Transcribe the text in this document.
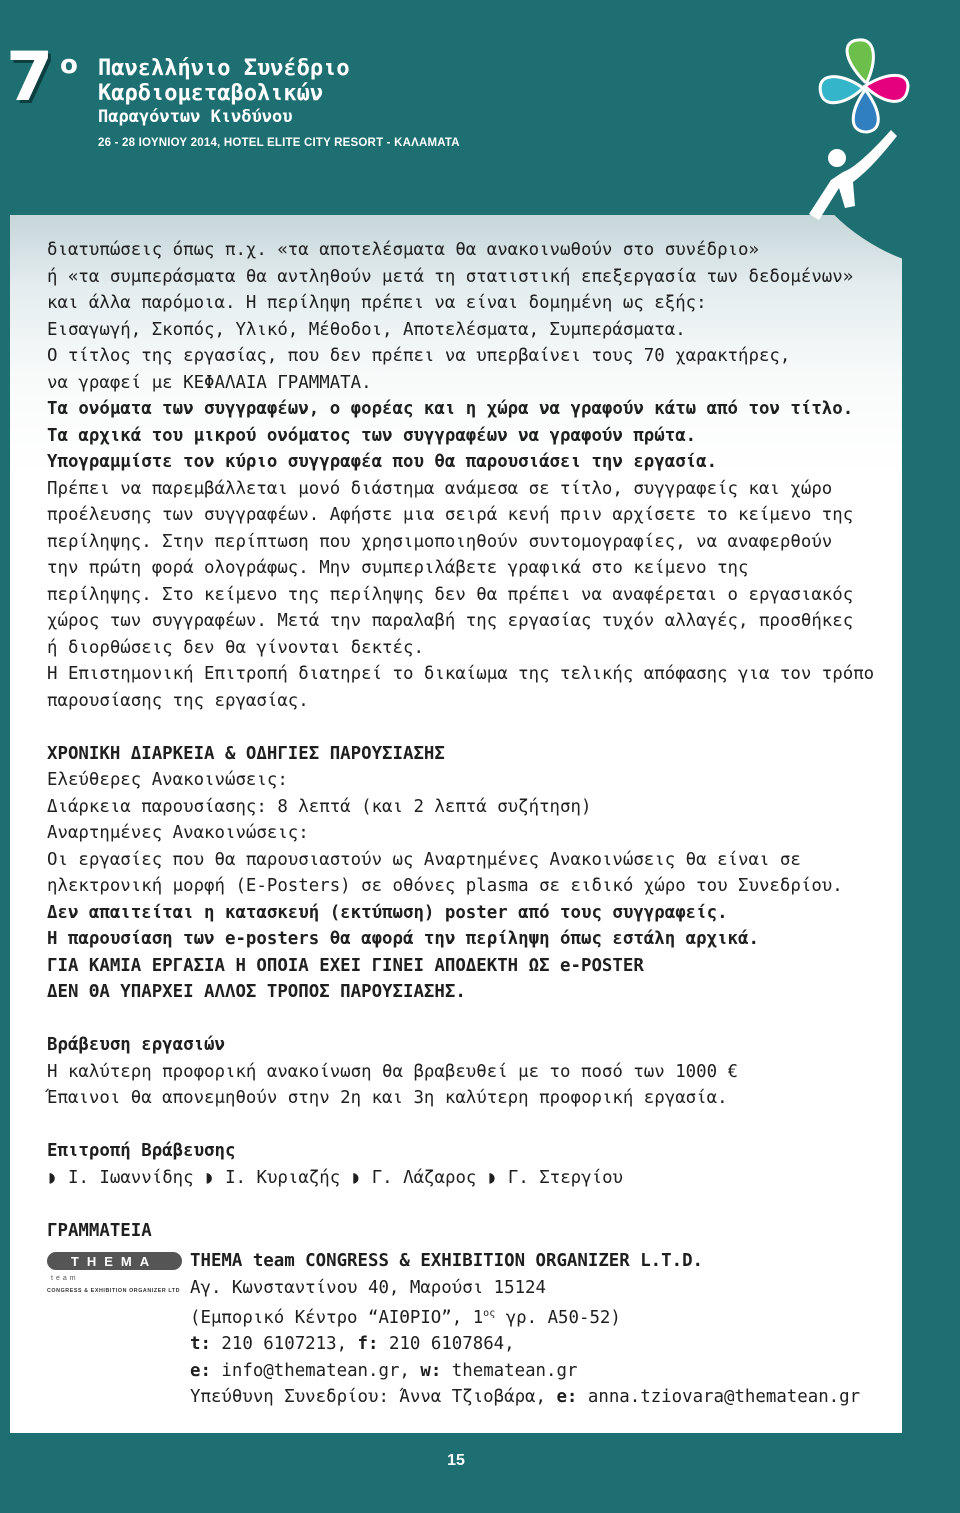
7 ο Πανελλήνιο Συνέδριο
Καρδιομεταβολικών
Παραγόντων Κινδύνου
26 - 28 ΙΟΥΝΙΟΥ 2014, HOTEL ELITE CITY RESORT - ΚΑΛΑΜΑΤΑ

διατυπώσεις όπως π.χ. «τα αποτελέσματα θα ανακοινωθούν στο συνέδριο»

ή «τα συμπεράσματα θα αντληθούν μετά τη στατιστική επεξεργασία των δεδομένων»

και άλλα παρόμοια. Η περίληψη πρέπει να είναι δομημένη ως εξής:

Εισαγωγή, Σκοπός, Υλικό, Μέθοδοι, Αποτελέσματα, Συμπεράσματα.

Ο τίτλος της εργασίας, που δεν πρέπει να υπερβαίνει τους 70 χαρακτήρες,

να γραφεί με ΚΕΦΑΛΑΙΑ ΓΡΑΜΜΑΤΑ.

Τα ονόματα των συγγραφέων, ο φορέας και η χώρα να γραφούν κάτω από τον τίτλο.

Τα αρχικά του μικρού ονόματος των συγγραφέων να γραφούν πρώτα.

Υπογραμμίστε τον κύριο συγγραφέα που θα παρουσιάσει την εργασία.

Πρέπει να παρεμβάλλεται μονό διάστημα ανάμεσα σε τίτλο, συγγραφείς και χώρο

προέλευσης των συγγραφέων. Αφήστε μια σειρά κενή πριν αρχίσετε το κείμενο της

περίληψης. Στην περίπτωση που χρησιμοποιηθούν συντομογραφίες, να αναφερθούν

την πρώτη φορά ολογράφως. Μην συμπεριλάβετε γραφικά στο κείμενο της

περίληψης. Στο κείμενο της περίληψης δεν θα πρέπει να αναφέρεται ο εργασιακός

χώρος των συγγραφέων. Μετά την παραλαβή της εργασίας τυχόν αλλαγές, προσθήκες

ή διορθώσεις δεν θα γίνονται δεκτές.

Η Επιστημονική Επιτροπή διατηρεί το δικαίωμα της τελικής απόφασης για τον τρόπο

παρουσίασης της εργασίας.

ΧΡΟΝΙΚΗ ΔΙΑΡΚΕΙΑ & ΟΔΗΓΙΕΣ ΠΑΡΟΥΣΙΑΣΗΣ

Ελεύθερες Ανακοινώσεις:

Διάρκεια παρουσίασης: 8 λεπτά (και 2 λεπτά συζήτηση)

Αναρτημένες Ανακοινώσεις:

Οι εργασίες που θα παρουσιαστούν ως Αναρτημένες Ανακοινώσεις θα είναι σε

ηλεκτρονική μορφή (E-Posters) σε οθόνες plasma σε ειδικό χώρο του Συνεδρίου.

Δεν απαιτείται η κατασκευή (εκτύπωση) poster από τους συγγραφείς.

Η παρουσίαση των e-posters θα αφορά την περίληψη όπως εστάλη αρχικά.

ΓΙΑ ΚΑΜΙΑ ΕΡΓΑΣΙΑ Η ΟΠΟΙΑ ΕΧΕΙ ΓΙΝΕΙ ΑΠΟΔΕΚΤΗ ΩΣ e-POSTER

ΔΕΝ ΘΑ ΥΠΑΡΧΕΙ ΑΛΛΟΣ ΤΡΟΠΟΣ ΠΑΡΟΥΣΙΑΣΗΣ.

Βράβευση εργασιών

Η καλύτερη προφορική ανακοίνωση θα βραβευθεί με το ποσό των 1000 €

Έπαινοι θα απονεμηθούν στην 2η και 3η καλύτερη προφορική εργασία.

Επιτροπή Βράβευσης

◗ Ι. Ιωαννίδης ◗ Ι. Κυριαζής ◗ Γ. Λάζαρος ◗ Γ. Στεργίου

ΓΡΑΜΜΑΤΕΙΑ

THEMA
team
CONGRESS & EXHIBITION ORGANIZER LTD

THEMA team CONGRESS & EXHIBITION ORGANIZER L.T.D.

Αγ. Κωνσταντίνου 40, Μαρούσι 15124

(Εμπορικό Κέντρο “ΑΙΘΡΙΟ”, $1^{o\varsigma}$ γρ. Α50-52)

t: 210 6107213, f: 210 6107864,

e: info@thematean.gr, w: thematean.gr

Υπεύθυνη Συνεδρίου: Άννα Τζιοβάρα, e: anna.tziovara@thematean.gr

15
